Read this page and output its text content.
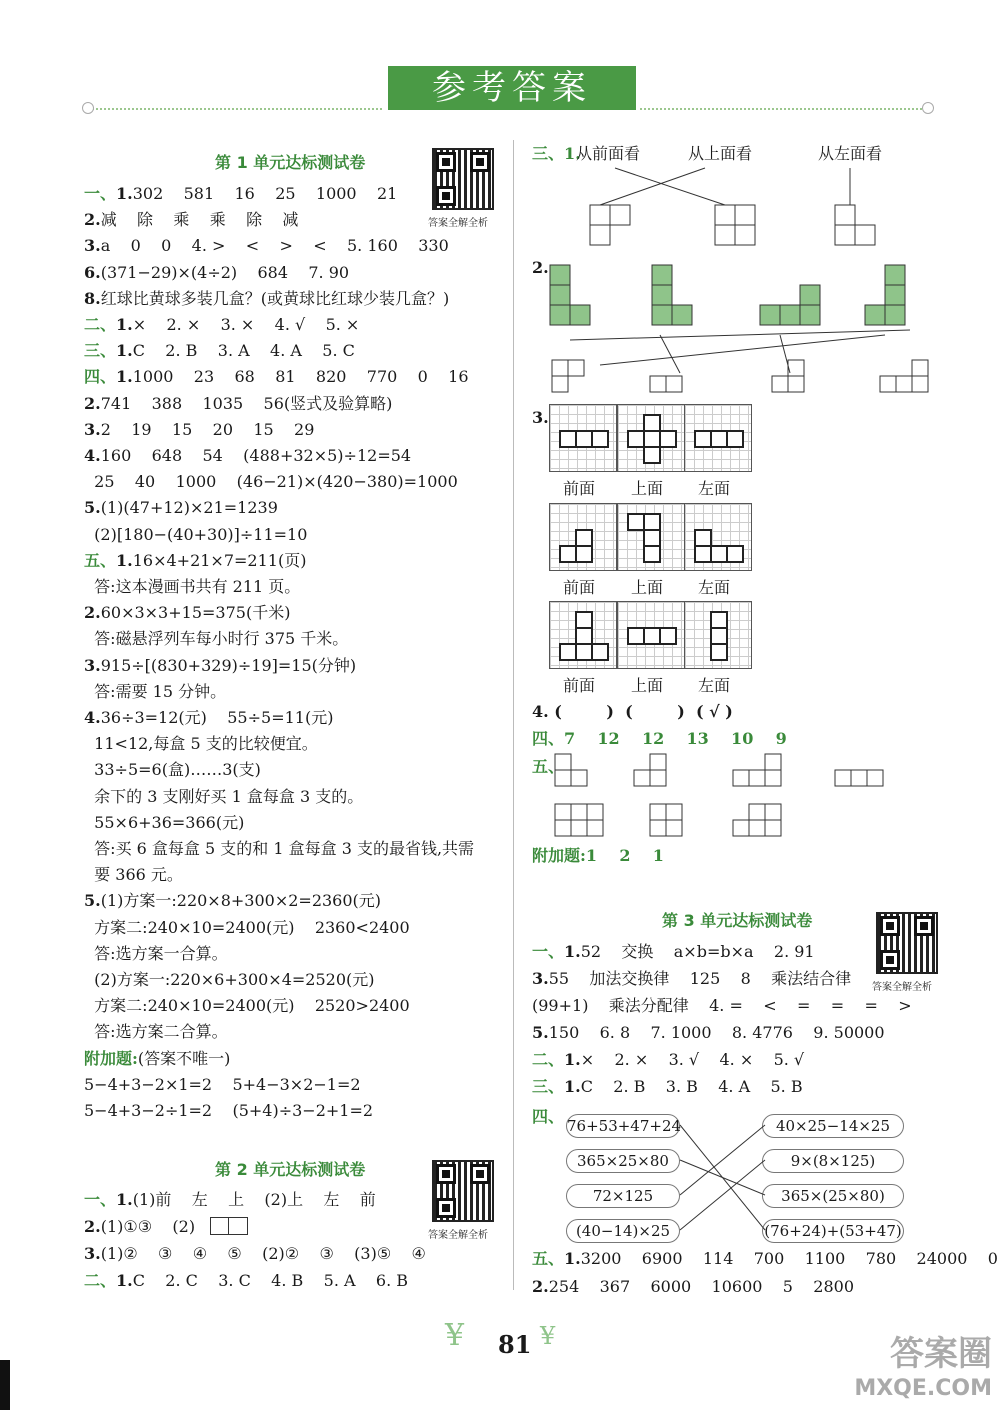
参考答案
第 1 单元达标测试卷
答案全解全析
一、1.302    581    16    25    1000    21
2.减    除    乘    乘    除    减
3.a    0    0    4. >    <    >    <    5. 160    330
6.(371−29)×(4÷2)    684    7. 90
8.红球比黄球多装几盒？(或黄球比红球少装几盒？)
二、1.×    2. ×    3. ×    4. √    5. ×
三、1.C    2. B    3. A    4. A    5. C
四、1.1000    23    68    81    820    770    0    16
2.741    388    1035    56(竖式及验算略)
3.2    19    15    20    15    29
4.160    648    54    (488+32×5)÷12=54
25    40    1000    (46−21)×(420−380)=1000
5.(1)(47+12)×21=1239
(2)[180−(40+30)]÷11=10
五、1.16×4+21×7=211(页)
答:这本漫画书共有 211 页。
2.60×3×3+15=375(千米)
答:磁悬浮列车每小时行 375 千米。
3.915÷[(830+329)÷19]=15(分钟)
答:需要 15 分钟。
4.36÷3=12(元)    55÷5=11(元)
11<12,每盒 5 支的比较便宜。
33÷5=6(盒)……3(支)
余下的 3 支刚好买 1 盒每盒 3 支的。
55×6+36=366(元)
答:买 6 盒每盒 5 支的和 1 盒每盒 3 支的最省钱,共需
要 366 元。
5.(1)方案一:220×8+300×2=2360(元)
方案二:240×10=2400(元)    2360<2400
答:选方案一合算。
(2)方案一:220×6+300×4=2520(元)
方案二:240×10=2400(元)    2520>2400
答:选方案二合算。
附加题:(答案不唯一)
5−4+3−2×1=2    5+4−3×2−1=2
5−4+3−2÷1=2    (5+4)÷3−2+1=2
第 2 单元达标测试卷
答案全解全析
一、1.(1)前    左    上    (2)上    左    前
2.(1)①③    (2)
3.(1)②    ③    ④    ⑤    (2)②    ③    (3)⑤    ④
二、1.C    2. C    3. C    4. B    5. A    6. B
三、1.
从前面看	从上面看	从左面看
2.
3.
前面 上面 左面
前面 上面 左面
前面 上面 左面
4. (        )  (        )  ( √ )
四、7    12    12    13    10    9
五、
附加题:1    2    1
第 3 单元达标测试卷
答案全解全析
一、1.52    交换    a×b=b×a    2. 91
3.55    加法交换律    125    8    乘法结合律
(99+1)    乘法分配律    4. =    <    =    =    =    >
5.150    6. 8    7. 1000    8. 4776    9. 50000
二、1.×    2. ×    3. √    4. ×    5. √
三、1.C    2. B    3. B    4. A    5. B
四、 76+53+47+24
365×25×80
72×125
(40−14)×25
40×25−14×25
9×(8×125)
365×(25×80)
(76+24)+(53+47)
五、1.3200    6900    114    700    1100    780    24000    0
2.254    367    6000    10600    5    2800
¥ 81 ¥	答案圈
MXQE.COM
